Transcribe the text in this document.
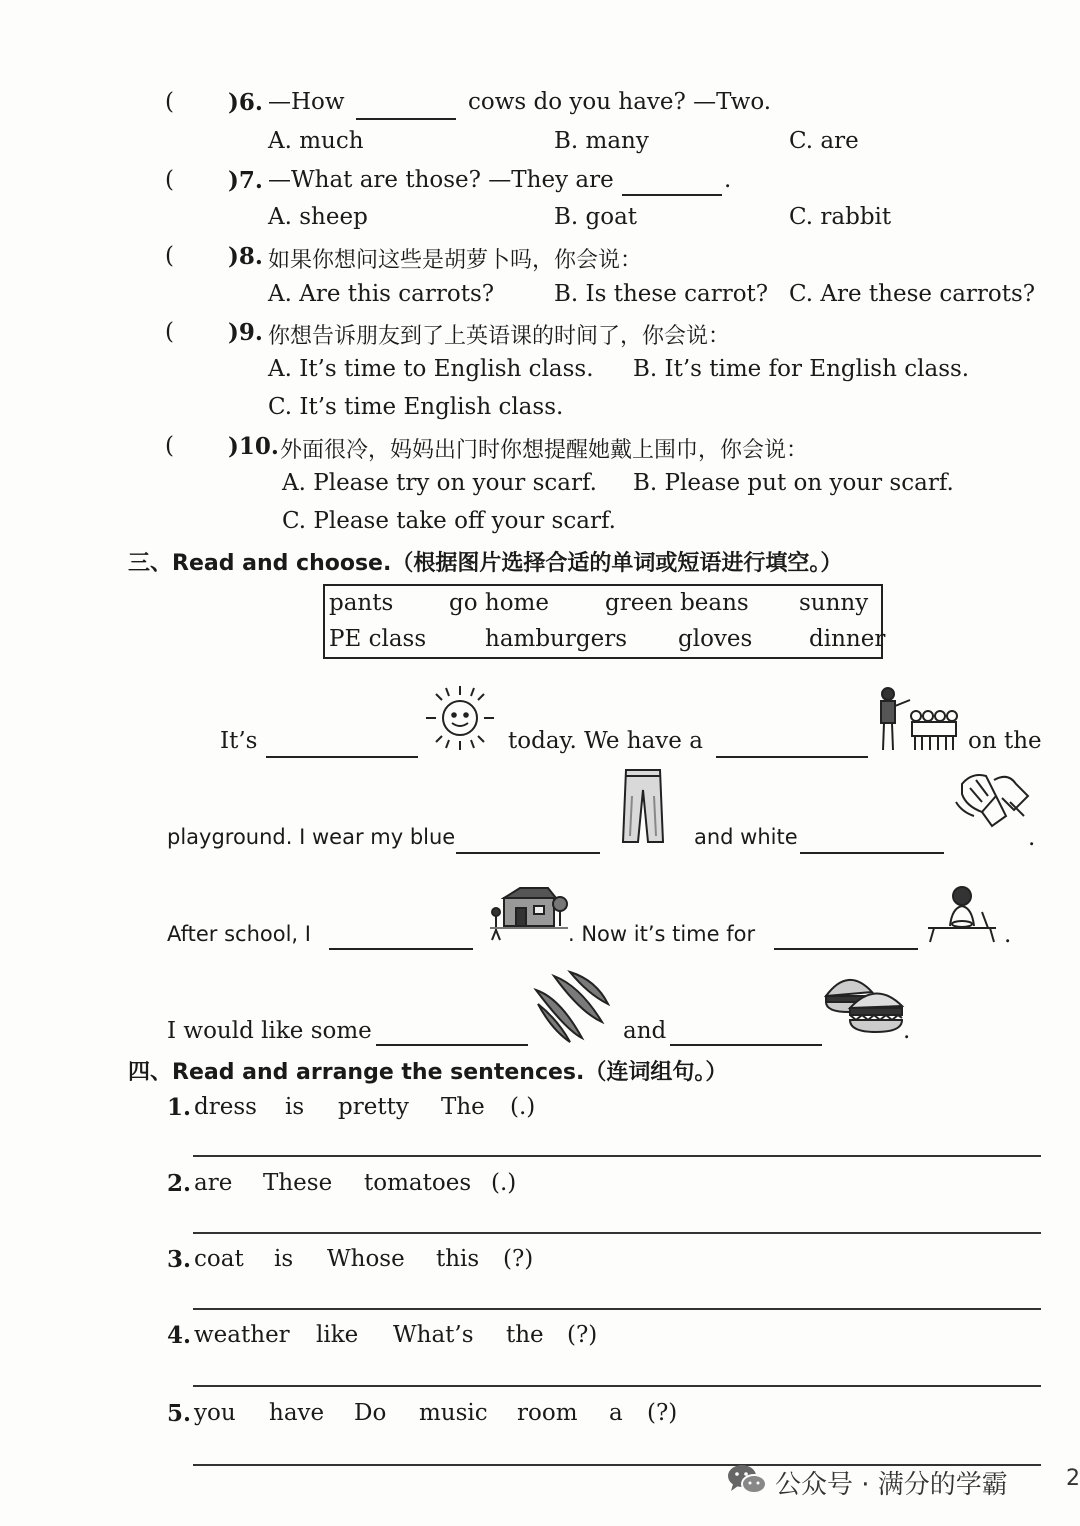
( )6. —How	cows do you have? —Two.
A. much	B. many	C. are
( )7. —What are those? —They are	.
A. sheep	B. goat	C. rabbit
( )8. 如果你想问这些是胡萝卜吗，你会说：
A. Are this carrots?	B. Is these carrot? C. Are these carrots?
( )9. 你想告诉朋友到了上英语课的时间了，你会说：
A. It’s time to English class. B. It’s time for English class.
C. It’s time English class.
( )10. 外面很冷，妈妈出门时你想提醒她戴上围巾，你会说：
A. Please try on your scarf. B. Please put on your scarf.
C. Please take off your scarf.
三、Read and choose.（根据图片选择合适的单词或短语进行填空。）
pants go home green beans sunny
PE class	hamburgers gloves dinner
It’s	today. We have a	on the
playground. I wear my blue	and white	.
After school, I	. Now it’s time for	.
I would like some	and	.
四、Read and arrange the sentences.（连词组句。）
1. dress is pretty The (.)
2. are These tomatoes (.)
3. coat is Whose this (?)
4. weather like What’s the (?)
5. you have Do music room a (?)
公众号 · 满分的学霸	2
